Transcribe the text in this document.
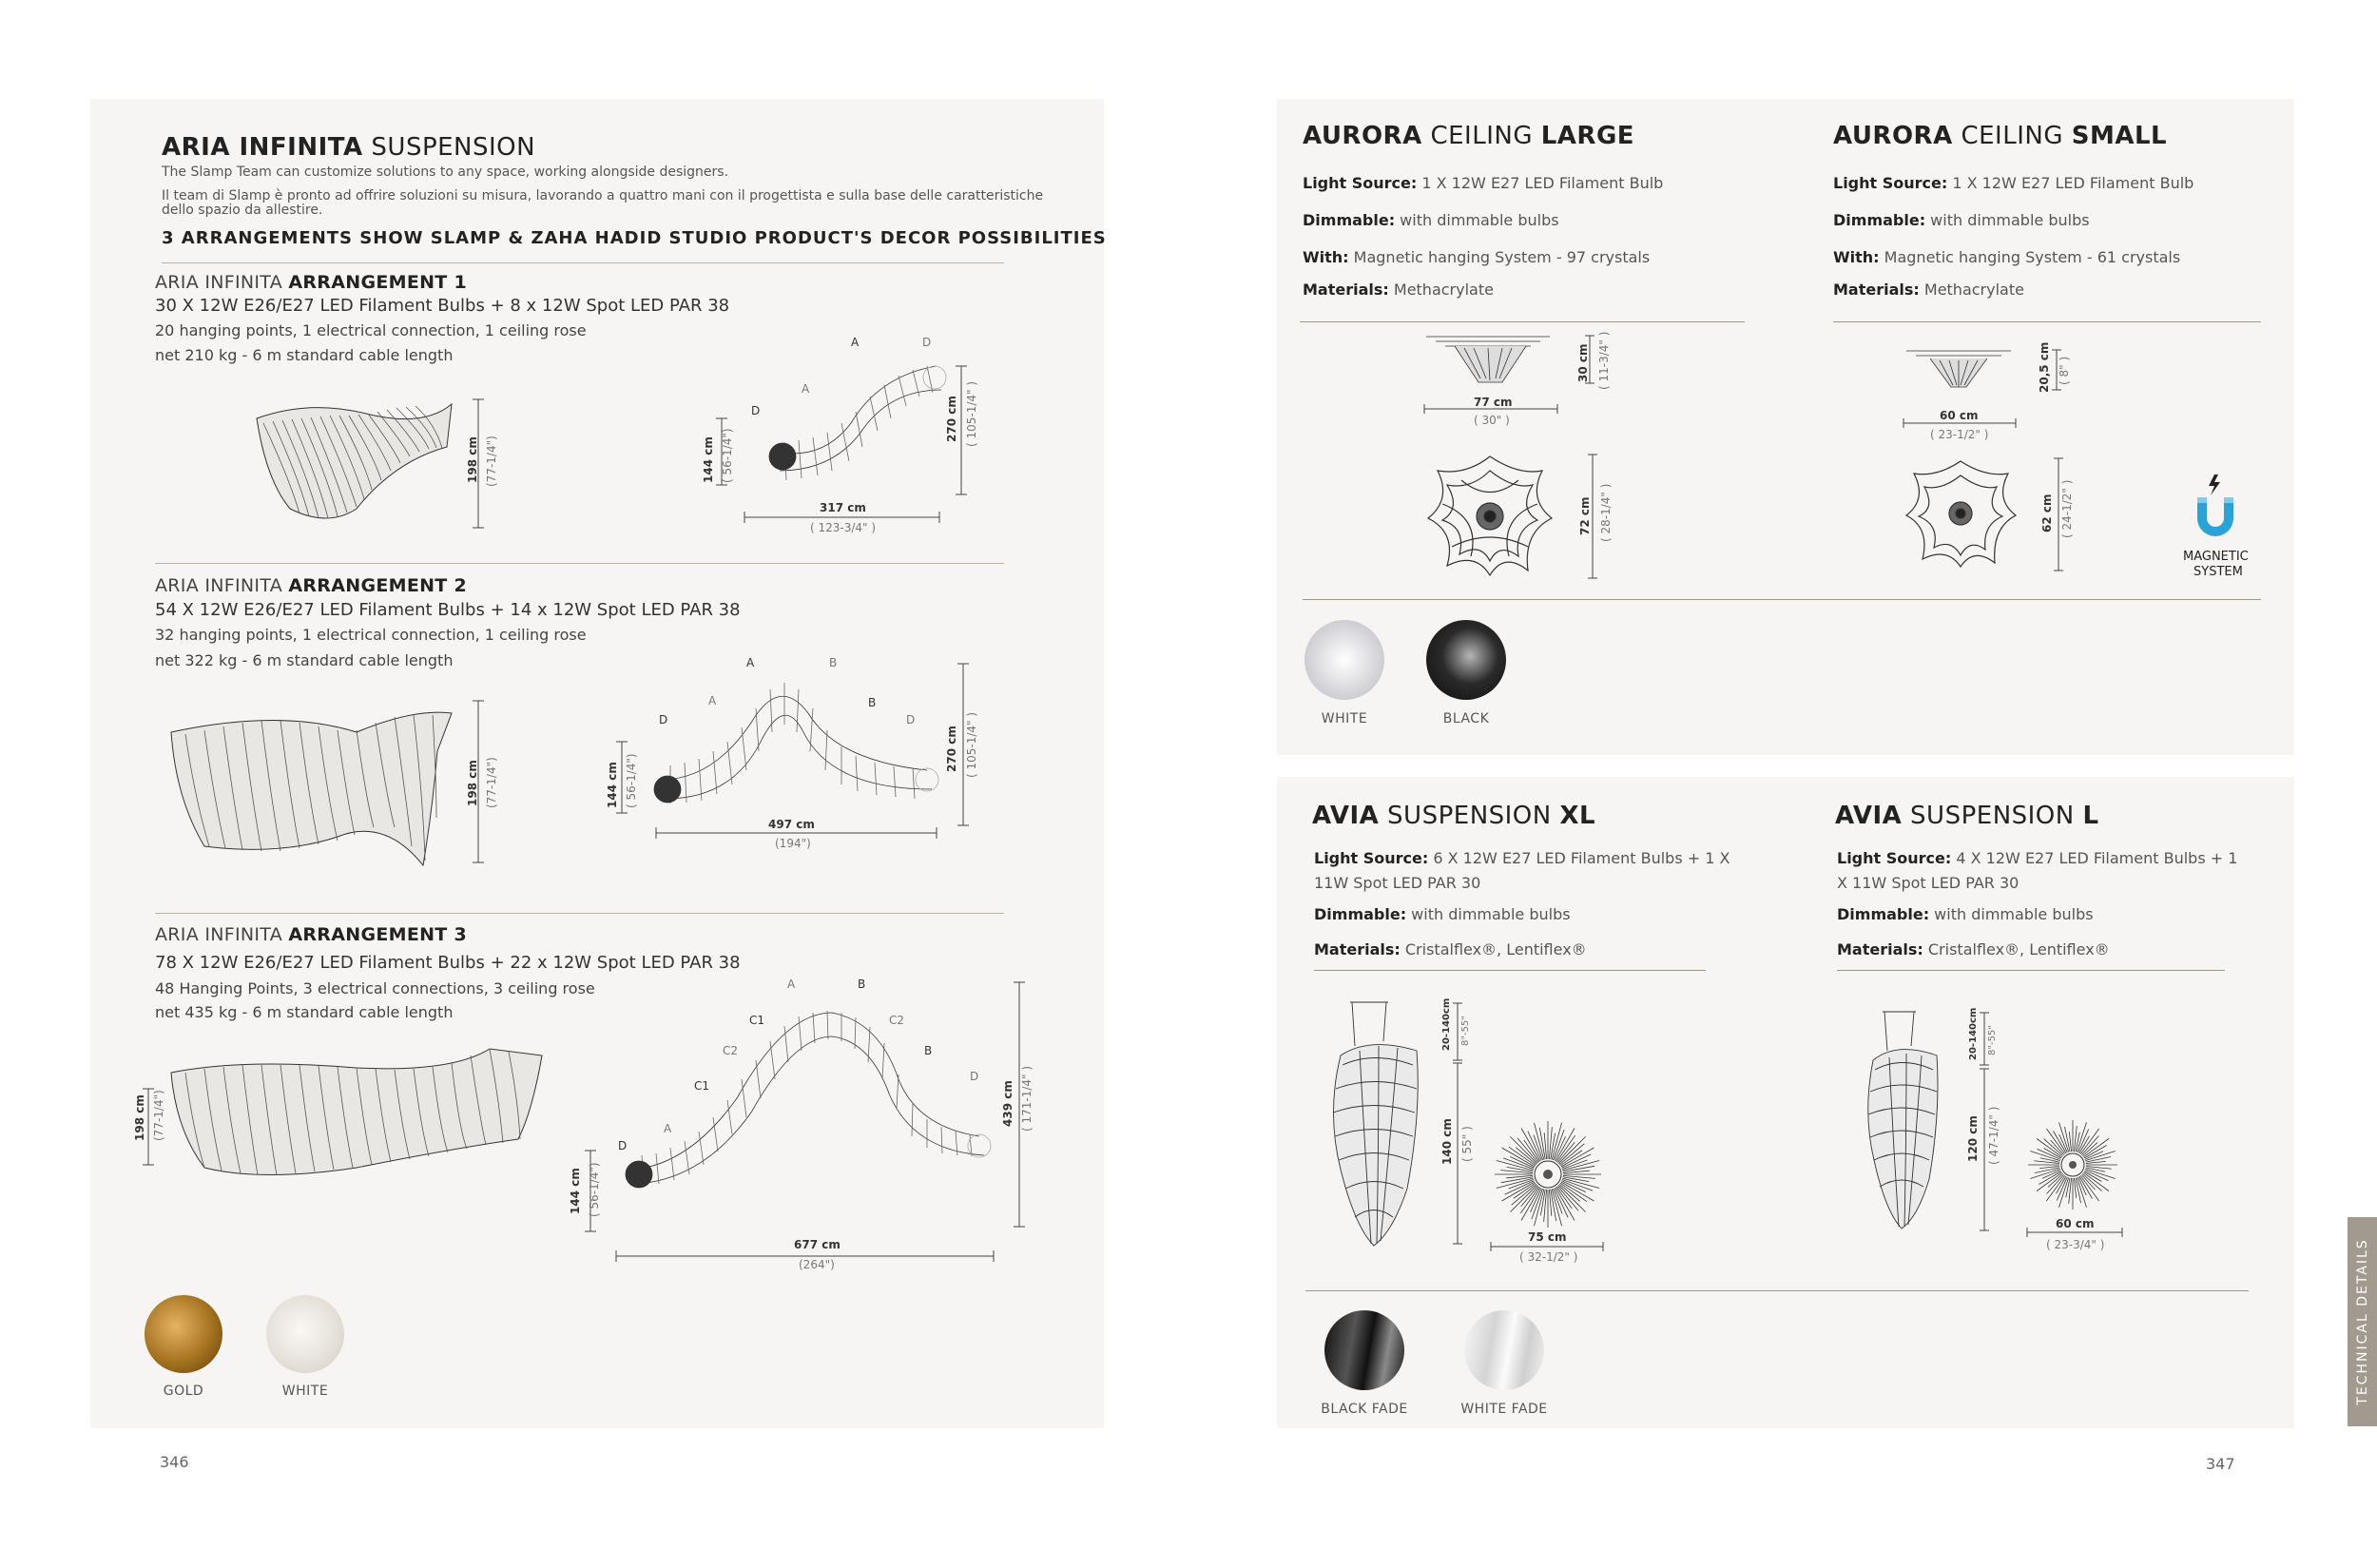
ARIA INFINITA SUSPENSION
The Slamp Team can customize solutions to any space, working alongside designers.
Il team di Slamp è pronto ad offrire soluzioni su misura, lavorando a quattro mani con il progettista e sulla base delle caratteristiche
dello spazio da allestire.
3 ARRANGEMENTS SHOW SLAMP & ZAHA HADID STUDIO PRODUCT'S DECOR POSSIBILITIES
ARIA INFINITA ARRANGEMENT 1
30 X 12W E26/E27 LED Filament Bulbs + 8 x 12W Spot LED PAR 38
20 hanging points, 1 electrical connection, 1 ceiling rose
net 210 kg - 6 m standard cable length
198 cm (77-1/4")
A
D
A
D
144 cm ( 56-1/4")
317 cm
( 123-3/4" )
270 cm ( 105-1/4" )
ARIA INFINITA ARRANGEMENT 2
54 X 12W E26/E27 LED Filament Bulbs + 14 x 12W Spot LED PAR 38
32 hanging points, 1 electrical connection, 1 ceiling rose
net 322 kg - 6 m standard cable length
198 cm (77-1/4")
A	B
A	B
D	D
144 cm ( 56-1/4")
497 cm
(194")
270 cm ( 105-1/4" )
ARIA INFINITA ARRANGEMENT 3
78 X 12W E26/E27 LED Filament Bulbs + 22 x 12W Spot LED PAR 38
48 Hanging Points, 3 electrical connections, 3 ceiling rose
net 435 kg - 6 m standard cable length
198 cm (77-1/4")
A	B
C1	C2
C2
C1
B
D
A
D
144 cm ( 56-1/4")
677 cm
(264")
439 cm ( 171-1/4" )
GOLD	WHITE
346
AURORA CEILING LARGE
Light Source: 1 X 12W E27 LED Filament Bulb
Dimmable: with dimmable bulbs
With: Magnetic hanging System - 97 crystals
Materials: Methacrylate
30 cm ( 11-3/4" )
77 cm
( 30" )
72 cm ( 28-1/4" )
AURORA CEILING SMALL
Light Source: 1 X 12W E27 LED Filament Bulb
Dimmable: with dimmable bulbs
With: Magnetic hanging System - 61 crystals
Materials: Methacrylate
20,5 cm ( 8" )
60 cm
( 23-1/2" )
62 cm ( 24-1/2" )
MAGNETIC
SYSTEM
WHITE	BLACK
AVIA SUSPENSION XL
Light Source: 6 X 12W E27 LED Filament Bulbs + 1 X
11W Spot LED PAR 30
Dimmable: with dimmable bulbs
Materials: Cristalflex®, Lentiflex®
20-140cm 8"-55"
140 cm ( 55" )
75 cm
( 32-1/2" )
AVIA SUSPENSION L
Light Source: 4 X 12W E27 LED Filament Bulbs + 1
X 11W Spot LED PAR 30
Dimmable: with dimmable bulbs
Materials: Cristalflex®, Lentiflex®
20-140cm 8"-55"
120 cm ( 47-1/4" )
60 cm
( 23-3/4" )
BLACK FADE	WHITE FADE
347
TECHNICAL DETAILS
